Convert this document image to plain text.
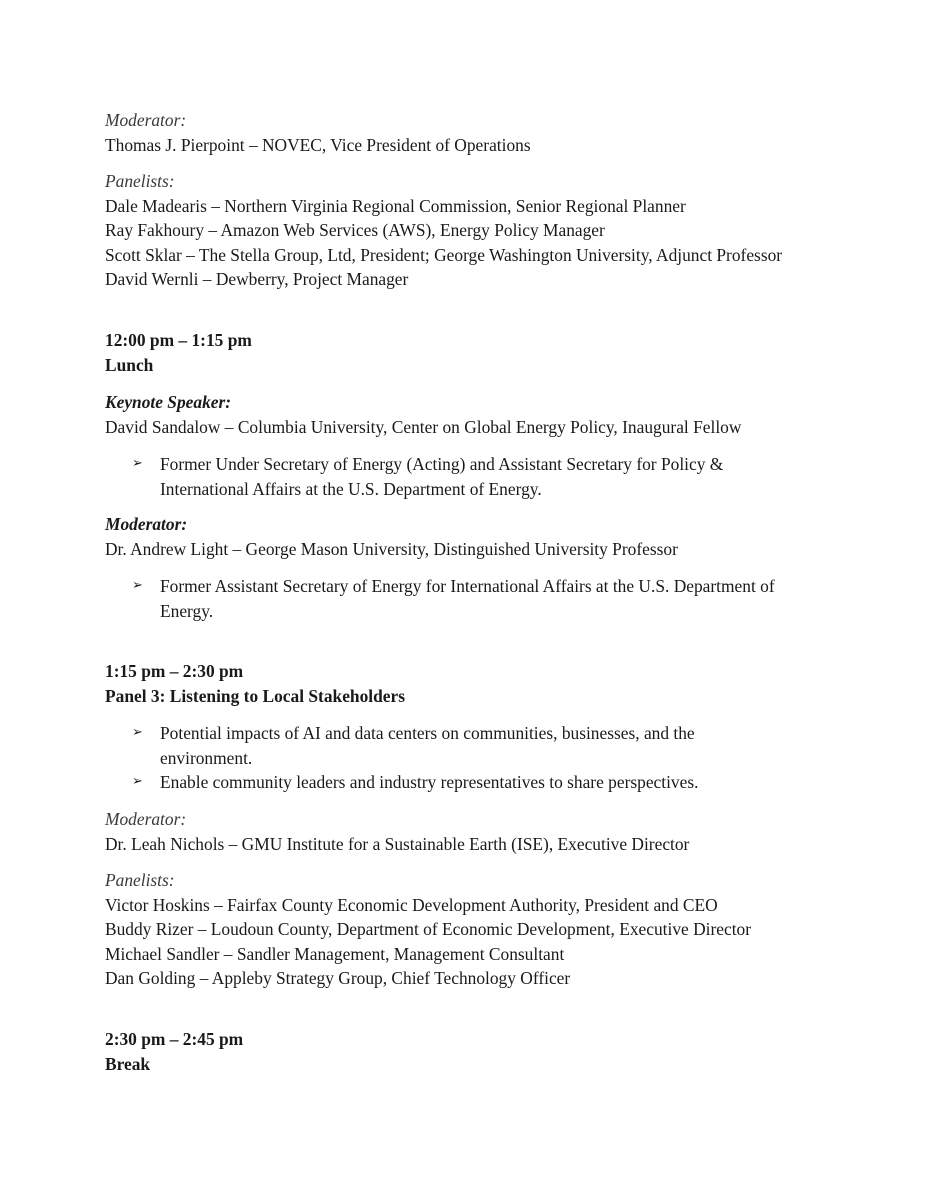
Moderator:
Thomas J. Pierpoint – NOVEC, Vice President of Operations
Panelists:
Dale Madearis – Northern Virginia Regional Commission, Senior Regional Planner
Ray Fakhoury – Amazon Web Services (AWS), Energy Policy Manager
Scott Sklar – The Stella Group, Ltd, President; George Washington University, Adjunct Professor
David Wernli – Dewberry, Project Manager
12:00 pm – 1:15 pm
Lunch
Keynote Speaker:
David Sandalow – Columbia University, Center on Global Energy Policy, Inaugural Fellow
➢ Former Under Secretary of Energy (Acting) and Assistant Secretary for Policy &
International Affairs at the U.S. Department of Energy.
Moderator:
Dr. Andrew Light – George Mason University, Distinguished University Professor
➢ Former Assistant Secretary of Energy for International Affairs at the U.S. Department of
Energy.
1:15 pm – 2:30 pm
Panel 3: Listening to Local Stakeholders
➢ Potential impacts of AI and data centers on communities, businesses, and the
environment.
➢ Enable community leaders and industry representatives to share perspectives.
Moderator:
Dr. Leah Nichols – GMU Institute for a Sustainable Earth (ISE), Executive Director
Panelists:
Victor Hoskins – Fairfax County Economic Development Authority, President and CEO
Buddy Rizer – Loudoun County, Department of Economic Development, Executive Director
Michael Sandler – Sandler Management, Management Consultant
Dan Golding – Appleby Strategy Group, Chief Technology Officer
2:30 pm – 2:45 pm
Break
